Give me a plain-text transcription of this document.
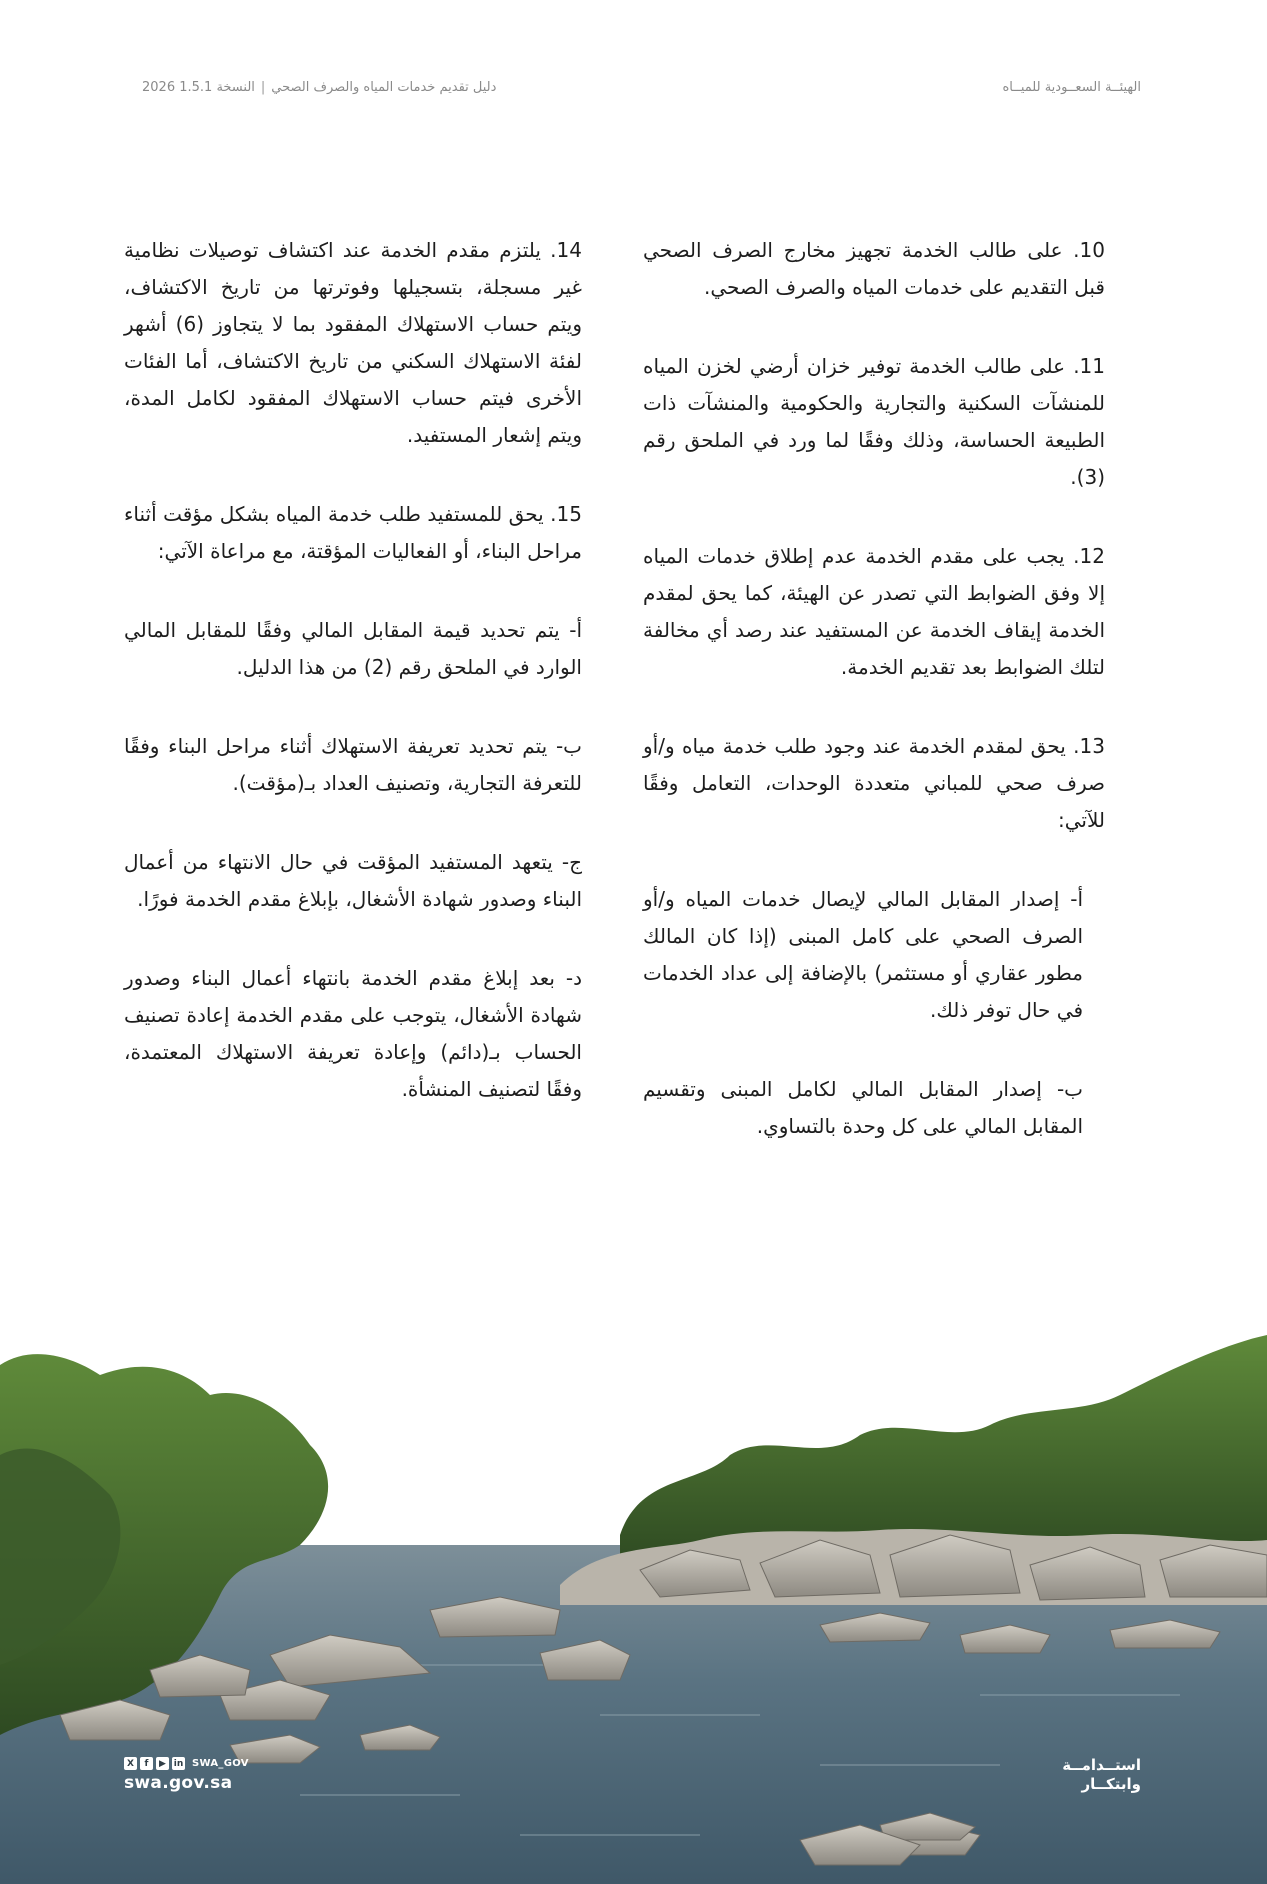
الهيئــة السعــودية للميــاه
دليل تقديم خدمات المياه والصرف الصحي|النسخة 1.5.1 2026

10. على طالب الخدمة تجهيز مخارج الصرف الصحي قبل التقديم على خدمات المياه والصرف الصحي.

11. على طالب الخدمة توفير خزان أرضي لخزن المياه للمنشآت السكنية والتجارية والحكومية والمنشآت ذات الطبيعة الحساسة، وذلك وفقًا لما ورد في الملحق رقم (3).

12. يجب على مقدم الخدمة عدم إطلاق خدمات المياه إلا وفق الضوابط التي تصدر عن الهيئة، كما يحق لمقدم الخدمة إيقاف الخدمة عن المستفيد عند رصد أي مخالفة لتلك الضوابط بعد تقديم الخدمة.

13. يحق لمقدم الخدمة عند وجود طلب خدمة مياه و/أو صرف صحي للمباني متعددة الوحدات، التعامل وفقًا للآتي:

أ- إصدار المقابل المالي لإيصال خدمات المياه و/أو الصرف الصحي على كامل المبنى (إذا كان المالك مطور عقاري أو مستثمر) بالإضافة إلى عداد الخدمات في حال توفر ذلك.

ب- إصدار المقابل المالي لكامل المبنى وتقسيم المقابل المالي على كل وحدة بالتساوي.

14. يلتزم مقدم الخدمة عند اكتشاف توصيلات نظامية غير مسجلة، بتسجيلها وفوترتها من تاريخ الاكتشاف، ويتم حساب الاستهلاك المفقود بما لا يتجاوز (6) أشهر لفئة الاستهلاك السكني من تاريخ الاكتشاف، أما الفئات الأخرى فيتم حساب الاستهلاك المفقود لكامل المدة، ويتم إشعار المستفيد.

15. يحق للمستفيد طلب خدمة المياه بشكل مؤقت أثناء مراحل البناء، أو الفعاليات المؤقتة، مع مراعاة الآتي:

أ- يتم تحديد قيمة المقابل المالي وفقًا للمقابل المالي الوارد في الملحق رقم (2) من هذا الدليل.

ب- يتم تحديد تعريفة الاستهلاك أثناء مراحل البناء وفقًا للتعرفة التجارية، وتصنيف العداد بـ(مؤقت).

ج- يتعهد المستفيد المؤقت في حال الانتهاء من أعمال البناء وصدور شهادة الأشغال، بإبلاغ مقدم الخدمة فورًا.

د- بعد إبلاغ مقدم الخدمة بانتهاء أعمال البناء وصدور شهادة الأشغال، يتوجب على مقدم الخدمة إعادة تصنيف الحساب بـ(دائم) وإعادة تعريفة الاستهلاك المعتمدة، وفقًا لتصنيف المنشأة.

X	f	▶ in SWA_GOV
swa.gov.sa
استــدامــة
وابتكــار
